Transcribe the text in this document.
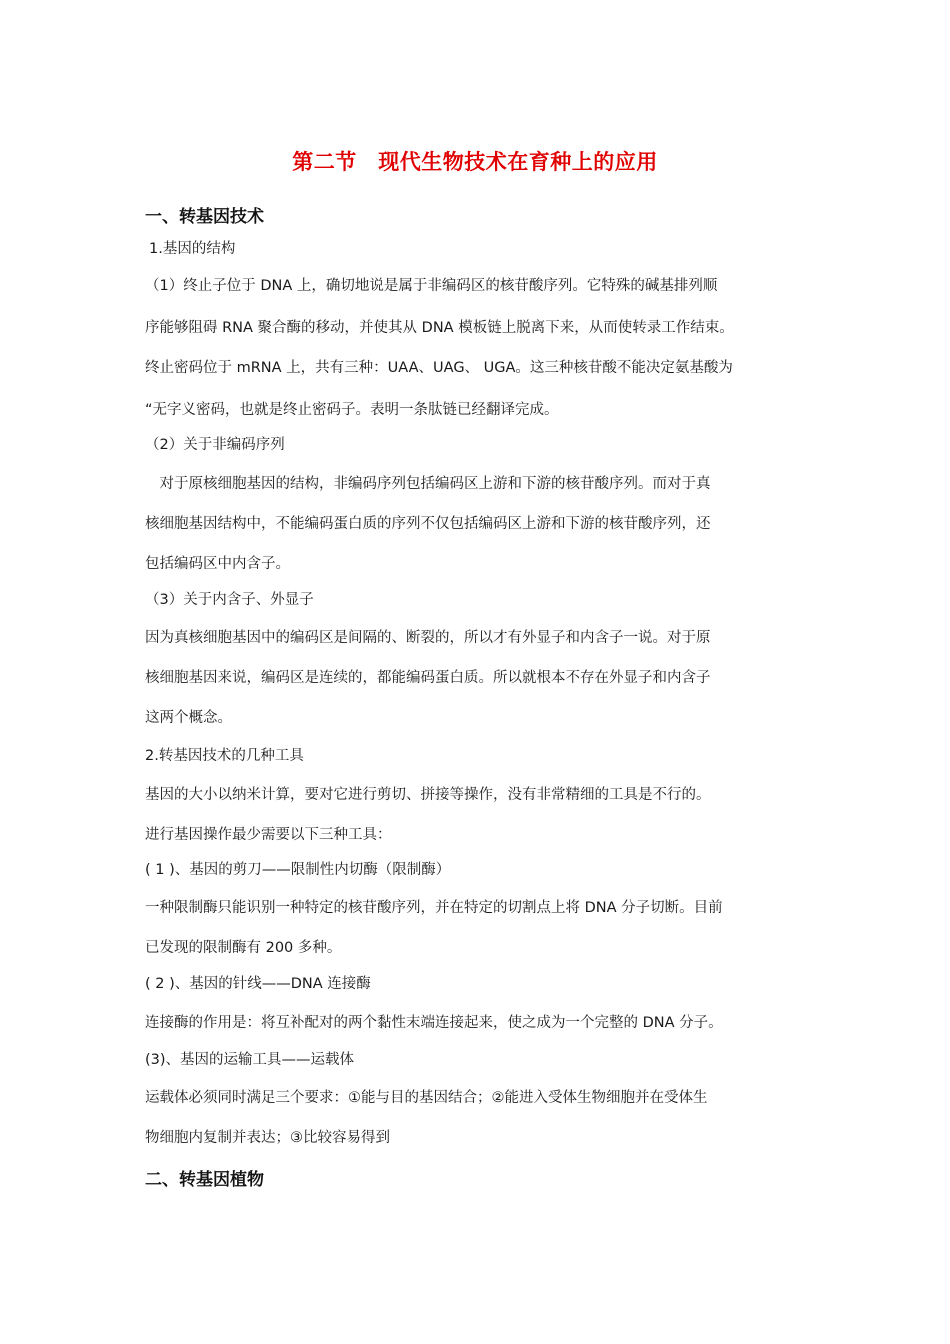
第二节　现代生物技术在育种上的应用
一、转基因技术
1.基因的结构
（1）终止子位于 DNA 上，确切地说是属于非编码区的核苷酸序列。它特殊的碱基排列顺
序能够阻碍 RNA 聚合酶的移动，并使其从 DNA 模板链上脱离下来，从而使转录工作结束。
终止密码位于 mRNA 上，共有三种：UAA、UAG、 UGA。这三种核苷酸不能决定氨基酸为
“无字义密码，也就是终止密码子。表明一条肽链已经翻译完成。
（2）关于非编码序列
　对于原核细胞基因的结构，非编码序列包括编码区上游和下游的核苷酸序列。而对于真
核细胞基因结构中，不能编码蛋白质的序列不仅包括编码区上游和下游的核苷酸序列，还
包括编码区中内含子。
（3）关于内含子、外显子
因为真核细胞基因中的编码区是间隔的、断裂的，所以才有外显子和内含子一说。对于原
核细胞基因来说，编码区是连续的，都能编码蛋白质。所以就根本不存在外显子和内含子
这两个概念。
2.转基因技术的几种工具
基因的大小以纳米计算，要对它进行剪切、拼接等操作，没有非常精细的工具是不行的。
进行基因操作最少需要以下三种工具：
( 1 )、基因的剪刀——限制性内切酶（限制酶）
一种限制酶只能识别一种特定的核苷酸序列，并在特定的切割点上将 DNA 分子切断。目前
已发现的限制酶有 200 多种。
( 2 )、基因的针线——DNA 连接酶
连接酶的作用是：将互补配对的两个黏性末端连接起来，使之成为一个完整的 DNA 分子。
(3)、基因的运输工具——运载体
运载体必须同时满足三个要求：①能与目的基因结合；②能进入受体生物细胞并在受体生
物细胞内复制并表达；③比较容易得到
二、转基因植物
